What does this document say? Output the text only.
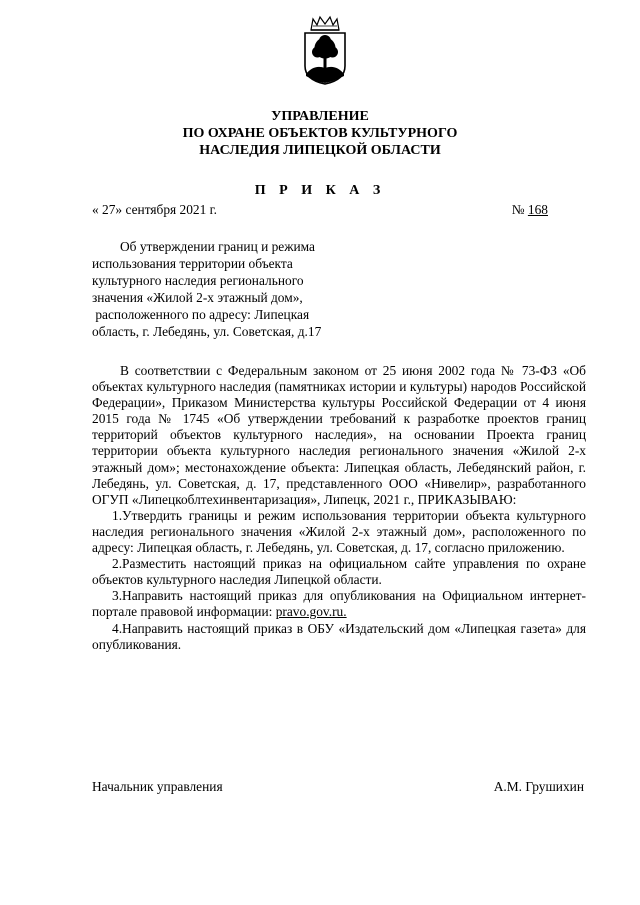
УПРАВЛЕНИЕ
ПО ОХРАНЕ ОБЪЕКТОВ КУЛЬТУРНОГО
НАСЛЕДИЯ ЛИПЕЦКОЙ ОБЛАСТИ
П Р И К А З
« 27» сентября 2021 г.	№ 168
Об утверждении границ и режима
использования территории объекта
культурного наследия регионального
значения «Жилой 2-х этажный дом»,
расположенного по адресу: Липецкая
область, г. Лебедянь, ул. Советская, д.17

В соответствии с Федеральным законом от 25 июня 2002 года № 73-ФЗ «Об объектах культурного наследия (памятниках истории и культуры) народов Российской Федерации», Приказом Министерства культуры Российской Федерации от 4 июня 2015 года № 1745 «Об утверждении требований к разработке проектов границ территорий объектов культурного наследия», на основании Проекта границ территории объекта культурного наследия регионального значения «Жилой 2-х этажный дом»; местонахождение объекта: Липецкая область, Лебедянский район, г. Лебедянь, ул. Советская, д. 17, представленного ООО «Нивелир», разработанного ОГУП «Липецкоблтехинвентаризация», Липецк, 2021 г., ПРИКАЗЫВАЮ:

1.Утвердить границы и режим использования территории объекта культурного наследия регионального значения «Жилой 2-х этажный дом», расположенного по адресу: Липецкая область, г. Лебедянь, ул. Советская, д. 17, согласно приложению.

2.Разместить настоящий приказ на официальном сайте управления по охране объектов культурного наследия Липецкой области.

3.Направить настоящий приказ для опубликования на Официальном интернет-портале правовой информации: pravo.gov.ru.

4.Направить настоящий приказ в ОБУ «Издательский дом «Липецкая газета» для опубликования.

Начальник управления	А.М. Грушихин
